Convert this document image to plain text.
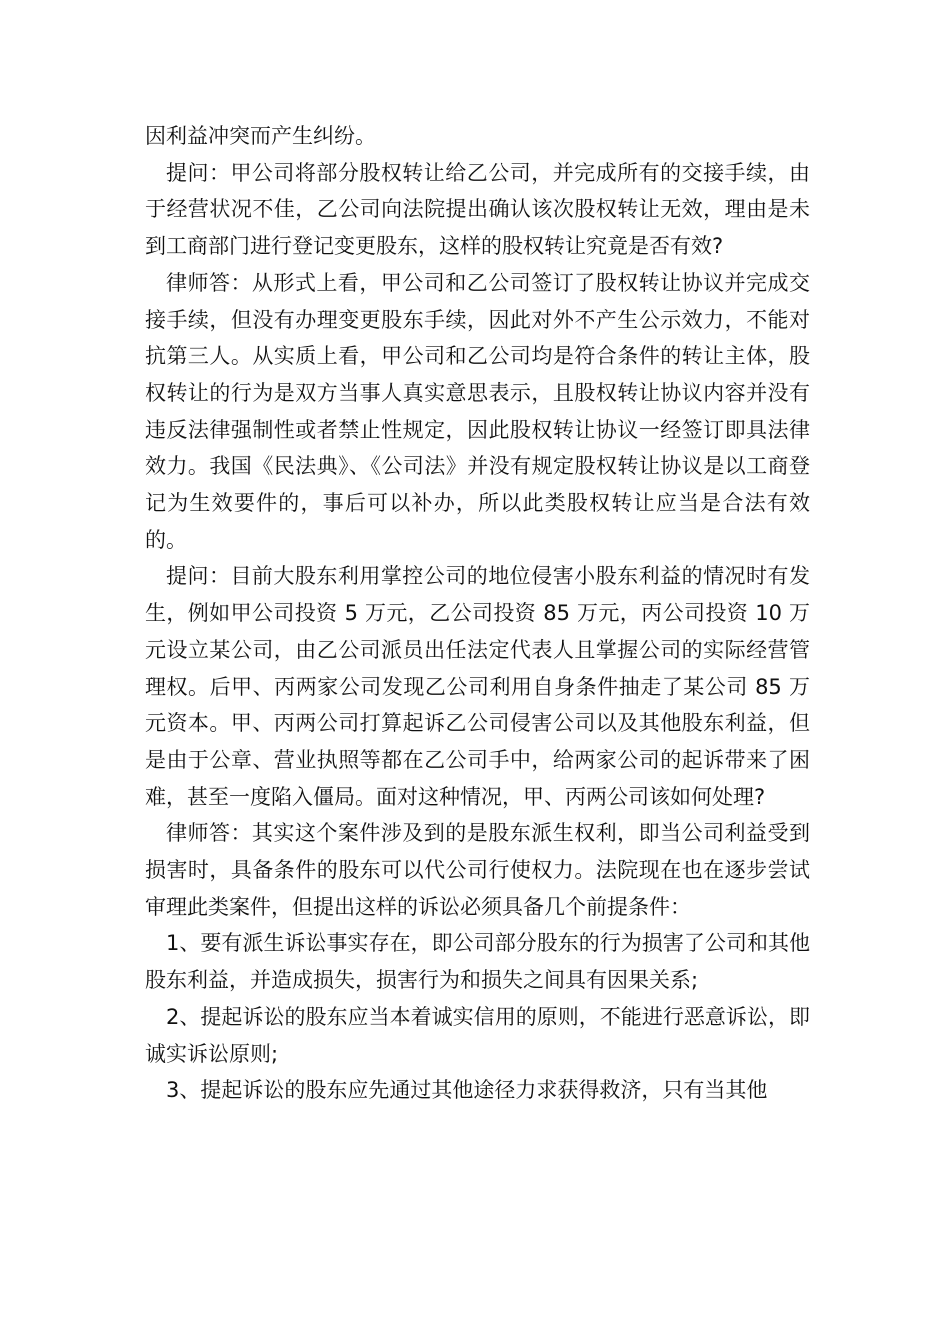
因利益冲突而产生纠纷。

提问：甲公司将部分股权转让给乙公司，并完成所有的交接手续，由于经营状况不佳，乙公司向法院提出确认该次股权转让无效，理由是未到工商部门进行登记变更股东，这样的股权转让究竟是否有效?

律师答：从形式上看，甲公司和乙公司签订了股权转让协议并完成交接手续，但没有办理变更股东手续，因此对外不产生公示效力，不能对抗第三人。从实质上看，甲公司和乙公司均是符合条件的转让主体，股权转让的行为是双方当事人真实意思表示，且股权转让协议内容并没有违反法律强制性或者禁止性规定，因此股权转让协议一经签订即具法律效力。我国《民法典》、《公司法》并没有规定股权转让协议是以工商登记为生效要件的，事后可以补办，所以此类股权转让应当是合法有效的。

提问：目前大股东利用掌控公司的地位侵害小股东利益的情况时有发生，例如甲公司投资 5 万元，乙公司投资 85 万元，丙公司投资 10 万元设立某公司，由乙公司派员出任法定代表人且掌握公司的实际经营管理权。后甲、丙两家公司发现乙公司利用自身条件抽走了某公司 85 万元资本。甲、丙两公司打算起诉乙公司侵害公司以及其他股东利益，但是由于公章、营业执照等都在乙公司手中，给两家公司的起诉带来了困难，甚至一度陷入僵局。面对这种情况，甲、丙两公司该如何处理?

律师答：其实这个案件涉及到的是股东派生权利，即当公司利益受到损害时，具备条件的股东可以代公司行使权力。法院现在也在逐步尝试审理此类案件，但提出这样的诉讼必须具备几个前提条件：

1、要有派生诉讼事实存在，即公司部分股东的行为损害了公司和其他股东利益，并造成损失，损害行为和损失之间具有因果关系;

2、提起诉讼的股东应当本着诚实信用的原则，不能进行恶意诉讼，即诚实诉讼原则;

3、提起诉讼的股东应先通过其他途径力求获得救济，只有当其他
